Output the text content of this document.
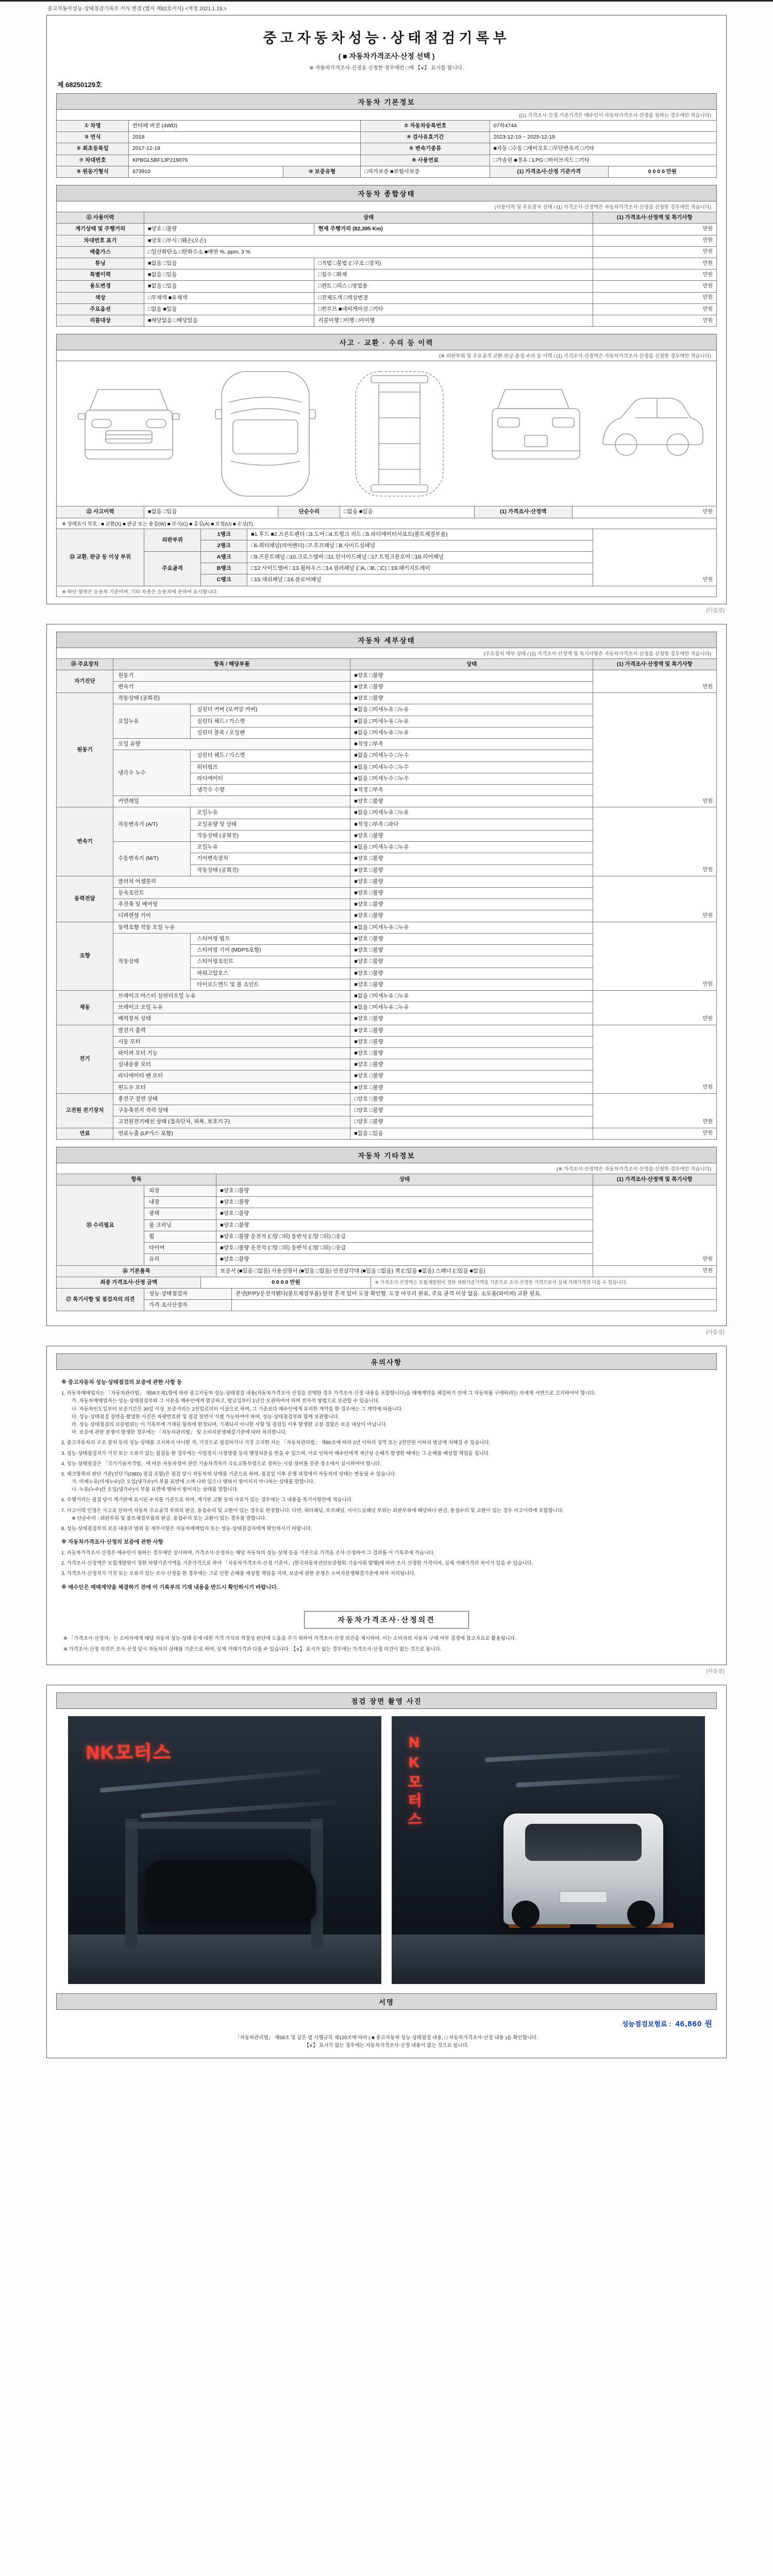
중고자동차성능·상태점검기록부 서식 변경 (별지 제82호서식) <개정 2021.1.19.>
중고자동차성능·상태점검기록부
( ■ 자동차가격조사·산정 선택 )
※ 자동차가격조사·산정을 신청한 경우에만 □에 【∨】 표시를 합니다.
제 68250129호
자동차 기본정보
((1) 가격조사·산정 기준가격은 매수인이 자동차가격조사·산정을 원하는 경우에만 적습니다)
① 차명	싼타페 버전 (4WD)		② 자동차등록번호	07하4744	
③ 연식	2018		④ 검사유효기간	2023-12-19 ~ 2025-12-19	
⑤ 최초등록일	2017-12-19		⑥ 변속기종류	■자동 □수동 □세미오토 □무단변속기 □기타	
⑦ 차대번호	KPBGL5BF1JP219076		⑧ 사용연료	□가솔린 ■경유 □LPG □하이브리드 □기타	
⑨ 원동기형식	673910	⑩ 보증유형	□자가보증 ■보험사보증	(1) 가격조사·산정 기준가격	0 0 0 0 만원
자동차 종합상태
(사용이력 및 주요장치 상태 / (1) 가격조사·산정액은 자동차가격조사·산정을 신청한 경우에만 적습니다)
⑪ 사용이력	상태		(1) 가격조사·산정액 및 특기사항
계기상태 및 주행거리	■양호 □불량	현재 주행거리 (82,395 Km)	만원
차대번호 표기	■양호 □부식 □훼손(오손)		만원
배출가스	□일산화탄소 □탄화수소 ■매연 %, ppm, 3 %		만원
튜닝	■없음 □있음	□적법 □불법 (□구조 □장치)	만원
특별이력	■없음 □있음	□침수 □화재	만원
용도변경	■없음 □있음	□렌트 □리스 □영업용	만원
색상	□무채색 ■유채색	□전체도색 □색상변경	만원
주요옵션	□없음 ■있음	□썬루프 ■네비게이션 □기타	만원
리콜대상	■해당없음 □해당있음	리콜이행 □이행 □미이행	만원
사고 · 교환 · 수리 등 이력
(※ 외판부위 및 주요골격 교환·판금·용접 수리 등 이력 / (1) 가격조사·산정액은 자동차가격조사·산정을 신청한 경우에만 적습니다)
⑫ 사고이력	■없음 □있음	단순수리	□없음 ■있음	(1) 가격조사·산정액	만원
※ 상태표시 부호 : ■ 교환(X) ■ 판금 또는 용접(W) ■ 부식(C) ■ 흠집(A) ■ 요철(U) ■ 손상(T)
⑬ 교환, 판금 등 이상 부위	외판부위	1랭크	■1.후드 ■2.프론트펜더 □3.도어 □4.트렁크 리드 □5.라디에이터서포트(볼트체결부품)	만원
		2랭크	□6.쿼터패널(리어펜더) □7.루프패널 □8.사이드실패널	
	주요골격	A랭크	□9.프론트패널 □10.크로스멤버 □11.인사이드패널 □17.트렁크플로어 □18.리어패널	
		B랭크	□12.사이드멤버 □13.휠하우스 □14.필러패널 (□A, □B, □C) □19.패키지트레이	
		C랭크	□15.대쉬패널 □16.플로어패널	
※ 하단 항목은 승용차 기준이며, 기타 차종은 승용차에 준하여 표시합니다.
(다음장)
자동차 세부상태
(주요장치 세부 상태 / (1) 가격조사·산정액 및 특기사항은 자동차가격조사·산정을 신청한 경우에만 적습니다)
⑭ 주요장치	항목 / 해당부품		상태	(1) 가격조사·산정액 및 특기사항
자기진단	원동기		■양호 □불량	만원
	변속기		■양호 □불량	
원동기	작동상태 (공회전)		■양호 □불량	만원
	오일누유	실린더 커버 (로커암 커버)	■없음 □미세누유 □누유	
		실린더 헤드 / 가스켓	■없음 □미세누유 □누유	
		실린더 블록 / 오일팬	■없음 □미세누유 □누유	
	오일 유량		■적정 □부족	
	냉각수 누수	실린더 헤드 / 가스켓	■없음 □미세누수 □누수	
		워터펌프	■없음 □미세누수 □누수	
		라디에이터	■없음 □미세누수 □누수	
		냉각수 수량	■적정 □부족	
	커먼레일		■양호 □불량	
변속기	자동변속기 (A/T)	오일누유	■없음 □미세누유 □누유	만원
		오일유량 및 상태	■적정 □부족 □과다	
		작동상태 (공회전)	■양호 □불량	
	수동변속기 (M/T)	오일누유	■없음 □미세누유 □누유	
		기어변속장치	■양호 □불량	
		작동상태 (공회전)	■양호 □불량	
동력전달	클러치 어셈블리		■양호 □불량	만원
	등속조인트		■양호 □불량	
	추진축 및 베어링		■양호 □불량	
	디퍼렌셜 기어		■양호 □불량	
조향	동력조향 작동 오일 누유		■없음 □미세누유 □누유	만원
	작동상태	스티어링 펌프	■양호 □불량	
		스티어링 기어 (MDPS포함)	■양호 □불량	
		스티어링조인트	■양호 □불량	
		파워고압호스	■양호 □불량	
		타이로드엔드 및 볼 조인트	■양호 □불량	
제동	브레이크 마스터 실린더오일 누유		■없음 □미세누유 □누유	만원
	브레이크 오일 누유		■없음 □미세누유 □누유	
	배력장치 상태		■양호 □불량	
전기	발전기 출력		■양호 □불량	만원
	시동 모터		■양호 □불량	
	와이퍼 모터 기능		■양호 □불량	
	실내송풍 모터		■양호 □불량	
	라디에이터 팬 모터		■양호 □불량	
	윈도우 모터		■양호 □불량	
고전원 전기장치	충전구 절연 상태		□양호 □불량	만원
	구동축전지 격리 상태		□양호 □불량	
	고전원전기배선 상태 (접속단자, 피복, 보호기구)		□양호 □불량	
연료	연료누출 (LP가스 포함)		■없음 □있음	만원
자동차 기타정보
(※ 가격조사·산정액은 자동차가격조사·산정을 신청한 경우에만 적습니다)
항목		상태	(1) 가격조사·산정액 및 특기사항
⑮ 수리필요	외장	■양호 □불량	만원
	내장	■양호 □불량	
	광택	■양호 □불량	
	룸 크리닝	■양호 □불량	
	휠	■양호 □불량 운전석 (□앞 □뒤) 동반석 (□앞 □뒤) □응급	
	타이어	■양호 □불량 운전석 (□앞 □뒤) 동반석 (□앞 □뒤) □응급	
	유리	■양호 □불량	
⑯ 기본품목		보증서 (■있음 □없음) 사용설명서 (■있음 □없음) 안전삼각대 (■있음 □없음) 잭 (□있음 ■없음) 스패너 (□있음 ■없음)	만원
최종 가격조사·산정 금액	0 0 0 0 만원	※ 가격조사·산정액은 보험개발원이 정한 차량기준가액을 기준으로 조사·산정한 가격으로서 실제 거래가격과 다를 수 있습니다.
⑰ 특기사항 및 점검자의 의견	성능·상태점검자	본넷(P/P)/운전석휀다(볼트체결부품) 탈착 흔적 있어 도장 확인함. 도장 마무리 완료, 주요 골격 이상 없음. 소모품(와이퍼) 교환 필요.
	가격·조사산정자	
(다음장)
유의사항

※ 중고자동차 성능·상태점검의 보증에 관한 사항 등

1. 자동차매매업자는 「자동차관리법」 제58조제1항에 따라 중고자동차 성능·상태점검 내용(자동차가격조사·산정을 선택한 경우 가격조사·산정 내용을 포함합니다)을 매매계약을 체결하기 전에 그 자동차를 구매하려는 자에게 서면으로 고지하여야 합니다.

가. 자동차매매업자는 성능·상태점검부와 그 사본을 매수인에게 발급하고, 발급일부터 1년간 보관하여야 하며 전자적 방법으로 보관할 수 있습니다.

나. 자동차인도일부터 보증기간은 30일 이상, 보증거리는 2천킬로미터 이상으로 하며, 그 기준보다 매수인에게 유리한 계약을 한 경우에는 그 계약에 따릅니다.

다. 성능·상태점검 장면을 촬영한 사진은 차량번호판 및 점검 장면이 식별 가능하여야 하며, 성능·상태점검부와 함께 보관합니다.

라. 성능·상태점검의 보증범위는 이 기록부에 기재된 항목에 한정되며, 기재되지 아니한 사항 및 점검일 이후 발생한 고장·결함은 보증 대상이 아닙니다.

마. 보증에 관한 분쟁이 발생한 경우에는 「자동차관리법」 및 소비자분쟁해결기준에 따라 처리합니다.

2. 중고자동차의 구조·장치 등의 성능·상태를 고지하지 아니한 자, 거짓으로 점검하거나 거짓 고지한 자는 「자동차관리법」 제80조에 따라 2년 이하의 징역 또는 2천만원 이하의 벌금에 처해질 수 있습니다.

3. 성능·상태점검자가 거짓 또는 오류가 있는 점검을 한 경우에는 사업정지·시정명령 등의 행정처분을 받을 수 있으며, 이로 인하여 매수인에게 재산상 손해가 발생한 때에는 그 손해를 배상할 책임을 집니다.

4. 성능·상태점검은 「국가기술자격법」에 따른 자동차정비 관련 기술자격자가 국토교통부령으로 정하는 시설·장비를 갖춘 장소에서 실시하여야 합니다.

5. 체크항목의 판단 기준(진단기(OBD) 점검 포함)은 점검 당시 자동차의 상태를 기준으로 하며, 점검일 이후 운행 과정에서 자동차의 상태는 변동될 수 있습니다.

가. 미세누유(미세누수)란 오일(냉각수)이 부품 표면에 스며 나와 있으나 맺혀서 떨어지지 아니하는 상태를 말합니다.

나. 누유(누수)란 오일(냉각수)이 부품 표면에 맺혀서 떨어지는 상태를 말합니다.

6. 주행거리는 점검 당시 계기판에 표시된 수치를 기준으로 하며, 계기판 교환 등의 사유가 있는 경우에는 그 내용을 특기사항란에 적습니다.

7. 사고이력 인정은 사고로 인하여 자동차 주요골격 부위의 판금, 용접수리 및 교환이 있는 경우로 한정합니다. 다만, 쿼터패널, 루프패널, 사이드실패널 부위는 외판부위에 해당하나 판금, 용접수리 및 교환이 있는 경우 사고이력에 포함합니다.

※ 단순수리 : 외판부위 및 볼트체결부품의 판금, 용접수리 또는 교환이 있는 경우를 말합니다.

8. 성능·상태점검부의 보증 내용과 범위 등 세부사항은 자동차매매업자 또는 성능·상태점검자에게 확인하시기 바랍니다.

※ 자동차가격조사·산정의 보증에 관한 사항

1. 자동차가격조사·산정은 매수인이 원하는 경우에만 실시하며, 가격조사·산정자는 해당 자동차의 성능·상태 등을 기준으로 가격을 조사·산정하여 그 결과를 이 기록부에 적습니다.

2. 가격조사·산정액은 보험개발원이 정한 차량기준가액을 기준가격으로 하여 「자동차가격조사·산정 기준서」(한국자동차진단보증협회·기술사회 발행)에 따라 조사·산정한 가격이며, 실제 거래가격과 차이가 있을 수 있습니다.

3. 가격조사·산정자가 거짓 또는 오류가 있는 조사·산정을 한 경우에는 그로 인한 손해를 배상할 책임을 지며, 보증에 관한 분쟁은 소비자분쟁해결기준에 따라 처리됩니다.

※ 매수인은 매매계약을 체결하기 전에 이 기록부의 기재 내용을 반드시 확인하시기 바랍니다.

자동차가격조사·산정의견

※ 「가격조사·산정자」는 소비자에게 해당 자동차 성능·상태 등에 대한 가격 가치의 적절성 판단에 도움을 주기 위하여 가격조사·산정 의견을 제시하며, 이는 소비자의 자동차 구매 여부 결정에 참고자료로 활용됩니다.

※ 가격조사·산정 의견은 조사·산정 당시 자동차의 상태를 기준으로 하며, 실제 거래가격과 다를 수 있습니다. 【∨】 표시가 없는 경우에는 가격조사·산정 의견이 없는 것으로 봅니다.

(다음장)
점검 장면 촬영 사진
NK모터스	NK모터스
서명
성능점검보험료 : 46,860 원

「자동차관리법」 제58조 및 같은 법 시행규칙 제120조에 따라 ( ■ 중고자동차 성능·상태점검 내용, □ 자동차가격조사·산정 내용 )을 확인합니다.

【∨】 표시가 없는 경우에는 자동차가격조사·산정 내용이 없는 것으로 봅니다.
